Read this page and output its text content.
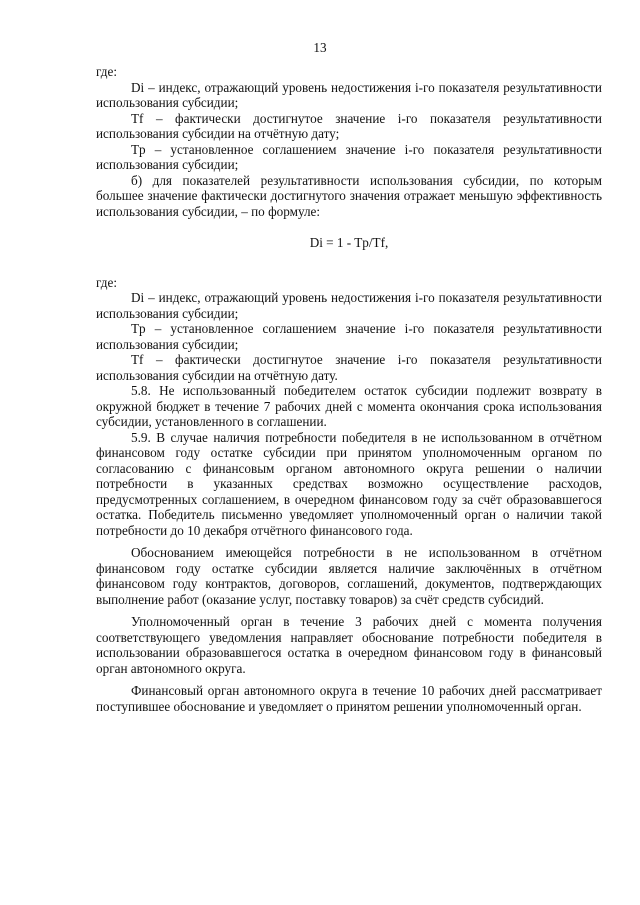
13

где:

Di – индекс, отражающий уровень недостижения i-го показателя результативности использования субсидии;

Tf – фактически достигнутое значение i-го показателя результативности использования субсидии на отчётную дату;

Tp – установленное соглашением значение i-го показателя результативности использования субсидии;

б) для показателей результативности использования субсидии, по которым большее значение фактически достигнутого значения отражает меньшую эффективность использования субсидии, – по формуле:

Di = 1 - Tp/Tf,

где:

Di – индекс, отражающий уровень недостижения i-го показателя результативности использования субсидии;

Tp – установленное соглашением значение i-го показателя результативности использования субсидии;

Tf – фактически достигнутое значение i-го показателя результативности использования субсидии на отчётную дату.

5.8. Не использованный победителем остаток субсидии подлежит возврату в окружной бюджет в течение 7 рабочих дней с момента окончания срока использования субсидии, установленного в соглашении.

5.9. В случае наличия потребности победителя в не использованном в отчётном финансовом году остатке субсидии при принятом уполномоченным органом по согласованию с финансовым органом автономного округа решении о наличии потребности в указанных средствах возможно осуществление расходов, предусмотренных соглашением, в очередном финансовом году за счёт образовавшегося остатка. Победитель письменно уведомляет уполномоченный орган о наличии такой потребности до 10 декабря отчётного финансового года.

Обоснованием имеющейся потребности в не использованном в отчётном финансовом году остатке субсидии является наличие заключённых в отчётном финансовом году контрактов, договоров, соглашений, документов, подтверждающих выполнение работ (оказание услуг, поставку товаров) за счёт средств субсидий.

Уполномоченный орган в течение 3 рабочих дней с момента получения соответствующего уведомления направляет обоснование потребности победителя в использовании образовавшегося остатка в очередном финансовом году в финансовый орган автономного округа.

Финансовый орган автономного округа в течение 10 рабочих дней рассматривает поступившее обоснование и уведомляет о принятом решении уполномоченный орган.
